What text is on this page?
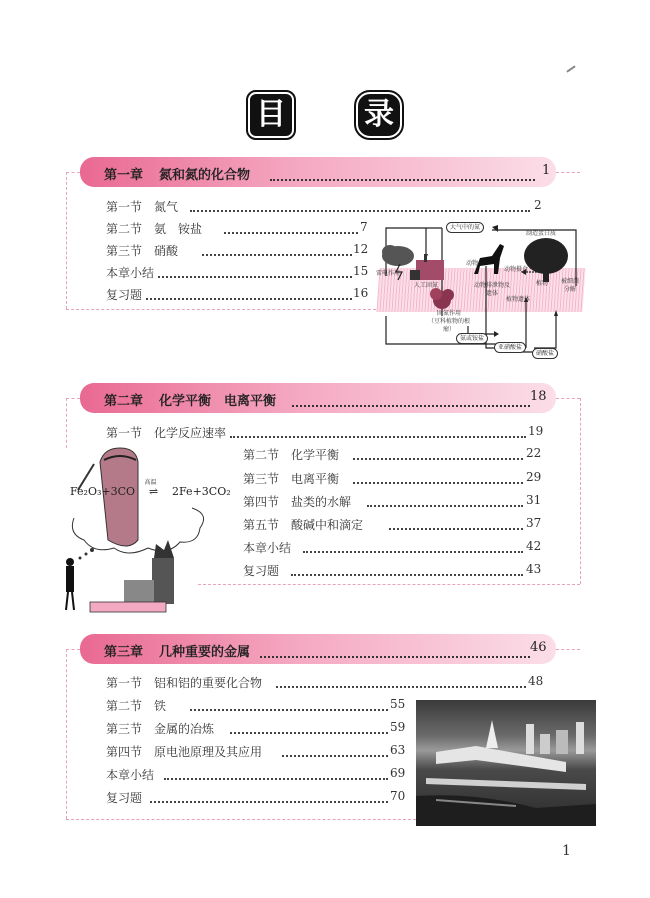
目	录
第一章 氮和氮的化合物	1
第一节　 氮气	2
第二节　 氨　铵盐	7
第三节　 硝酸	12
本章小结	15
复习题	16
大气中的氮
雷电作用
人工固氮
固氮作用
（豆科植物的根瘤）
动物
动物摄食
制造蛋白质
动物排泄物及遗体
植物
植物遗体
被细菌分解
氨或铵盐
亚硝酸盐
硝酸盐
第二章 化学平衡　电离平衡	18
第一节　 化学反应速率	19
第二节　 化学平衡	22
第三节　 电离平衡	29
第四节　 盐类的水解	31
第五节　 酸碱中和滴定	37
本章小结	42
复习题	43
Fe₂O₃+3CO
高温
⇌ 2Fe+3CO₂
第三章 几种重要的金属	46
第一节　 铝和铝的重要化合物	48
第二节　 铁	55
第三节　 金属的冶炼	59
第四节　 原电池原理及其应用	63
本章小结	69
复习题	70
1
